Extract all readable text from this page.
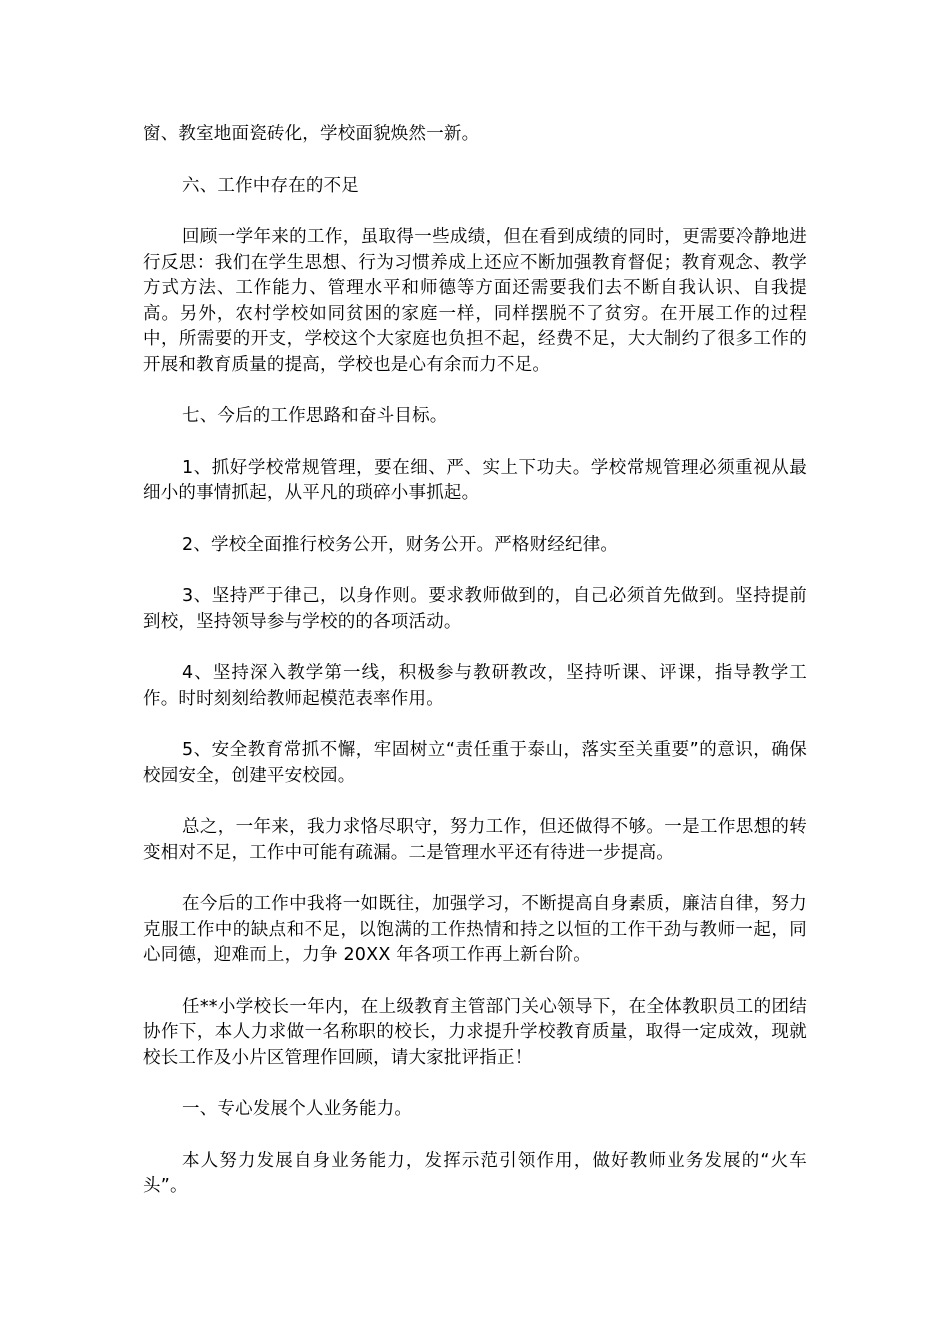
窗、教室地面瓷砖化，学校面貌焕然一新。

六、工作中存在的不足

回顾一学年来的工作，虽取得一些成绩，但在看到成绩的同时，更需要冷静地进行反思：我们在学生思想、行为习惯养成上还应不断加强教育督促；教育观念、教学方式方法、工作能力、管理水平和师德等方面还需要我们去不断自我认识、自我提高。另外，农村学校如同贫困的家庭一样，同样摆脱不了贫穷。在开展工作的过程中，所需要的开支，学校这个大家庭也负担不起，经费不足，大大制约了很多工作的开展和教育质量的提高，学校也是心有余而力不足。

七、今后的工作思路和奋斗目标。

1、抓好学校常规管理，要在细、严、实上下功夫。学校常规管理必须重视从最细小的事情抓起，从平凡的琐碎小事抓起。

2、学校全面推行校务公开，财务公开。严格财经纪律。

3、坚持严于律己，以身作则。要求教师做到的，自己必须首先做到。坚持提前到校，坚持领导参与学校的的各项活动。

4、坚持深入教学第一线，积极参与教研教改，坚持听课、评课，指导教学工作。时时刻刻给教师起模范表率作用。

5、安全教育常抓不懈，牢固树立“责任重于泰山，落实至关重要”的意识，确保校园安全，创建平安校园。

总之，一年来，我力求恪尽职守，努力工作，但还做得不够。一是工作思想的转变相对不足，工作中可能有疏漏。二是管理水平还有待进一步提高。

在今后的工作中我将一如既往，加强学习，不断提高自身素质，廉洁自律，努力克服工作中的缺点和不足，以饱满的工作热情和持之以恒的工作干劲与教师一起，同心同德，迎难而上，力争 20XX 年各项工作再上新台阶。

任**小学校长一年内，在上级教育主管部门关心领导下，在全体教职员工的团结协作下，本人力求做一名称职的校长，力求提升学校教育质量，取得一定成效，现就校长工作及小片区管理作回顾，请大家批评指正！

一、专心发展个人业务能力。

本人努力发展自身业务能力，发挥示范引领作用，做好教师业务发展的“火车头”。
